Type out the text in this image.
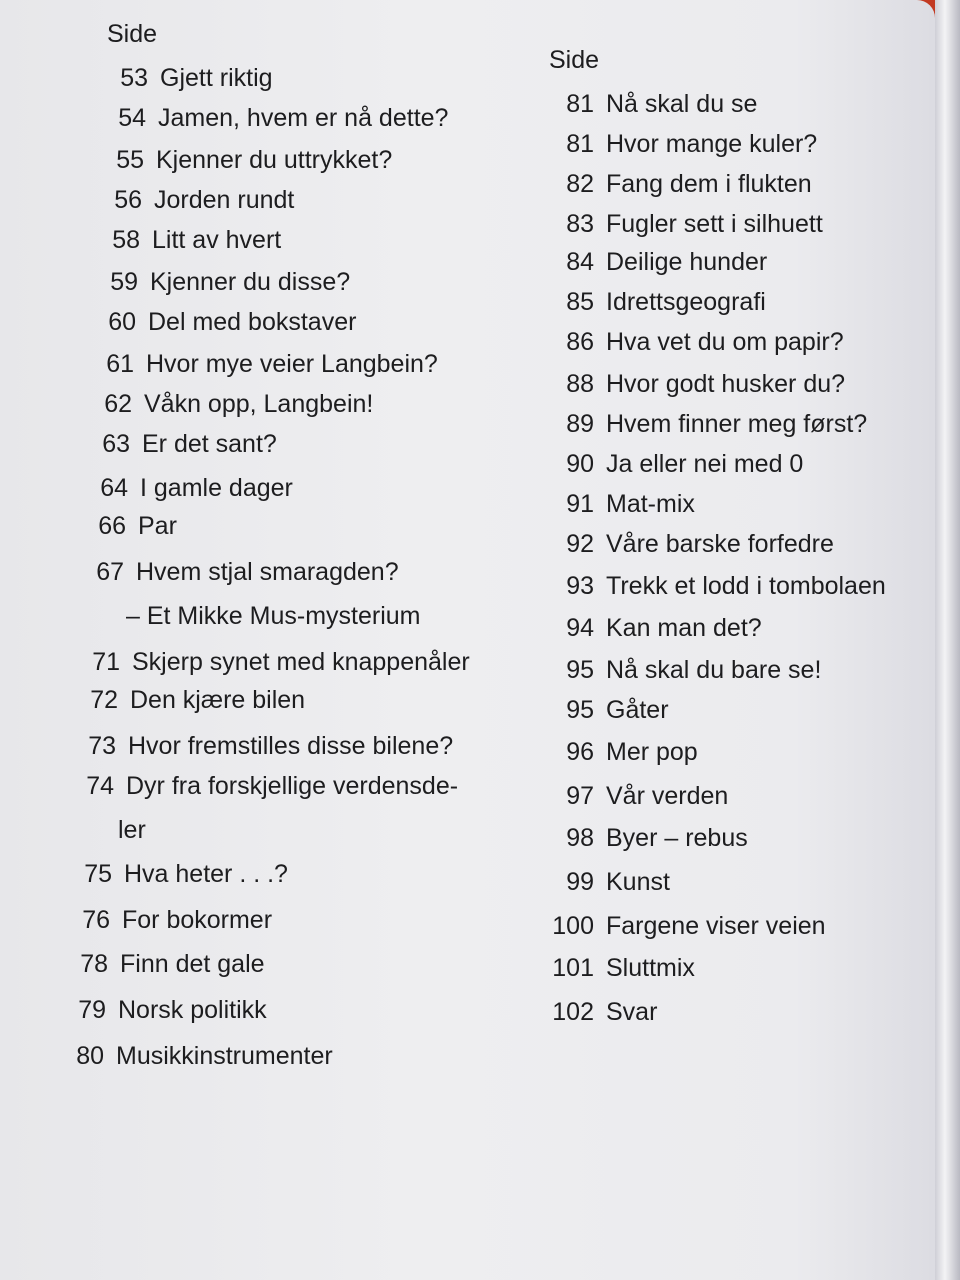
Side
53 Gjett riktig
54 Jamen, hvem er nå dette?
55 Kjenner du uttrykket?
56 Jorden rundt
58 Litt av hvert
59 Kjenner du disse?
60 Del med bokstaver
61 Hvor mye veier Langbein?
62 Våkn opp, Langbein!
63 Er det sant?
64 I gamle dager
66 Par
67 Hvem stjal smaragden?
– Et Mikke Mus-mysterium
71 Skjerp synet med knappenåler
72 Den kjære bilen
73 Hvor fremstilles disse bilene?
74 Dyr fra forskjellige verdensde-
ler
75 Hva heter . . .?
76 For bokormer
78 Finn det gale
79 Norsk politikk
80 Musikkinstrumenter
Side
81 Nå skal du se
81 Hvor mange kuler?
82 Fang dem i flukten
83 Fugler sett i silhuett
84 Deilige hunder
85 Idrettsgeografi
86 Hva vet du om papir?
88 Hvor godt husker du?
89 Hvem finner meg først?
90 Ja eller nei med 0
91 Mat-mix
92 Våre barske forfedre
93 Trekk et lodd i tombolaen
94 Kan man det?
95 Nå skal du bare se!
95 Gåter
96 Mer pop
97 Vår verden
98 Byer – rebus
99 Kunst
100 Fargene viser veien
101 Sluttmix
102 Svar
